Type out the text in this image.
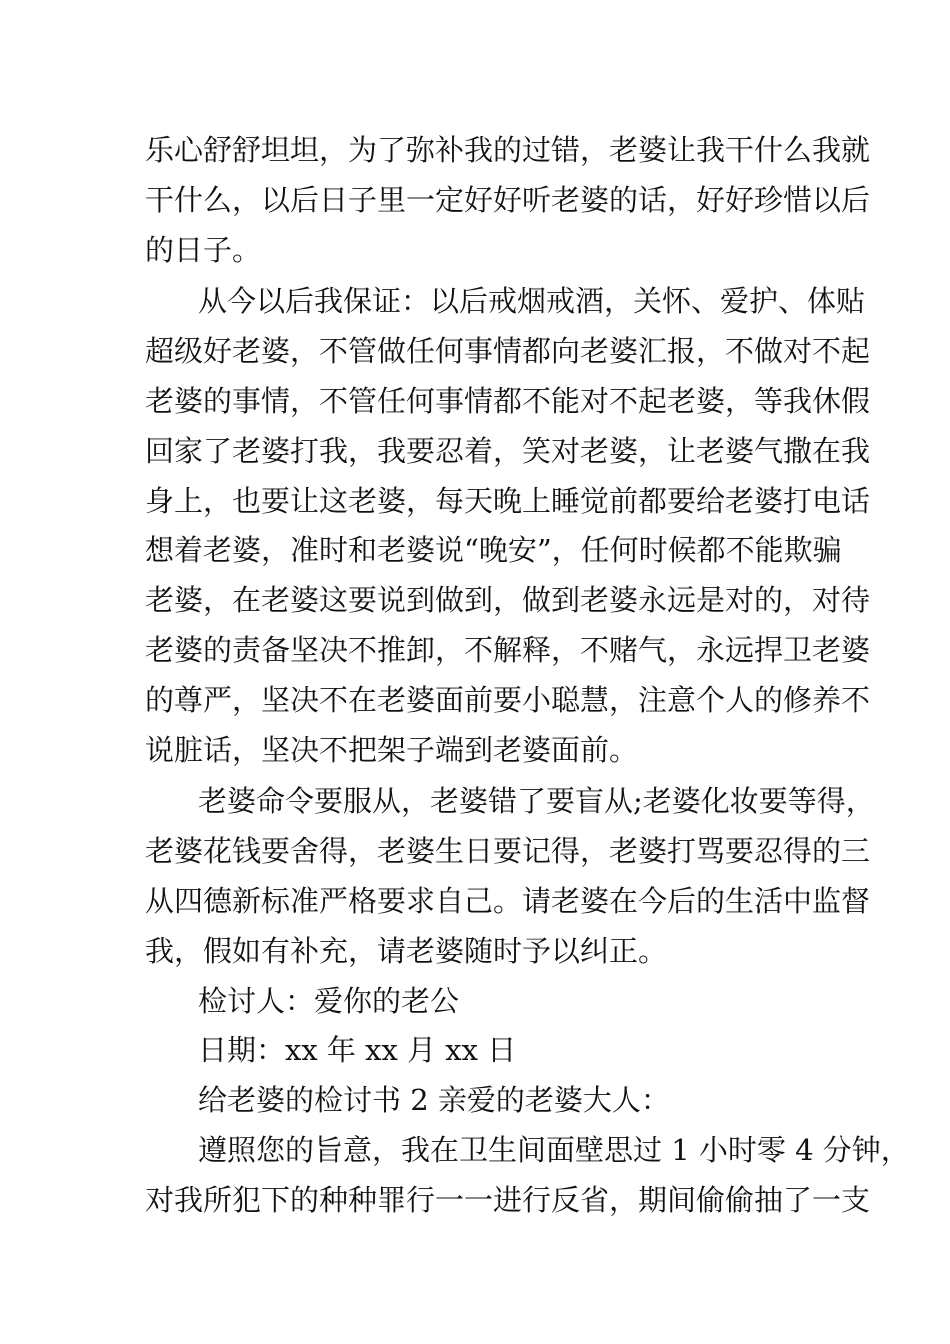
乐心舒舒坦坦，为了弥补我的过错，老婆让我干什么我就

干什么，以后日子里一定好好听老婆的话，好好珍惜以后

的日子。

从今以后我保证：以后戒烟戒酒，关怀、爱护、体贴

超级好老婆，不管做任何事情都向老婆汇报，不做对不起

老婆的事情，不管任何事情都不能对不起老婆，等我休假

回家了老婆打我，我要忍着，笑对老婆，让老婆气撒在我

身上，也要让这老婆，每天晚上睡觉前都要给老婆打电话

想着老婆，准时和老婆说“晚安”，任何时候都不能欺骗

老婆，在老婆这要说到做到，做到老婆永远是对的，对待

老婆的责备坚决不推卸，不解释，不赌气，永远捍卫老婆

的尊严，坚决不在老婆面前要小聪慧，注意个人的修养不

说脏话，坚决不把架子端到老婆面前。

老婆命令要服从，老婆错了要盲从;老婆化妆要等得，

老婆花钱要舍得，老婆生日要记得，老婆打骂要忍得的三

从四德新标准严格要求自己。请老婆在今后的生活中监督

我，假如有补充，请老婆随时予以纠正。

检讨人：爱你的老公

日期：xx 年 xx 月 xx 日

给老婆的检讨书 2 亲爱的老婆大人：

遵照您的旨意，我在卫生间面壁思过 1 小时零 4 分钟，

对我所犯下的种种罪行一一进行反省，期间偷偷抽了一支
